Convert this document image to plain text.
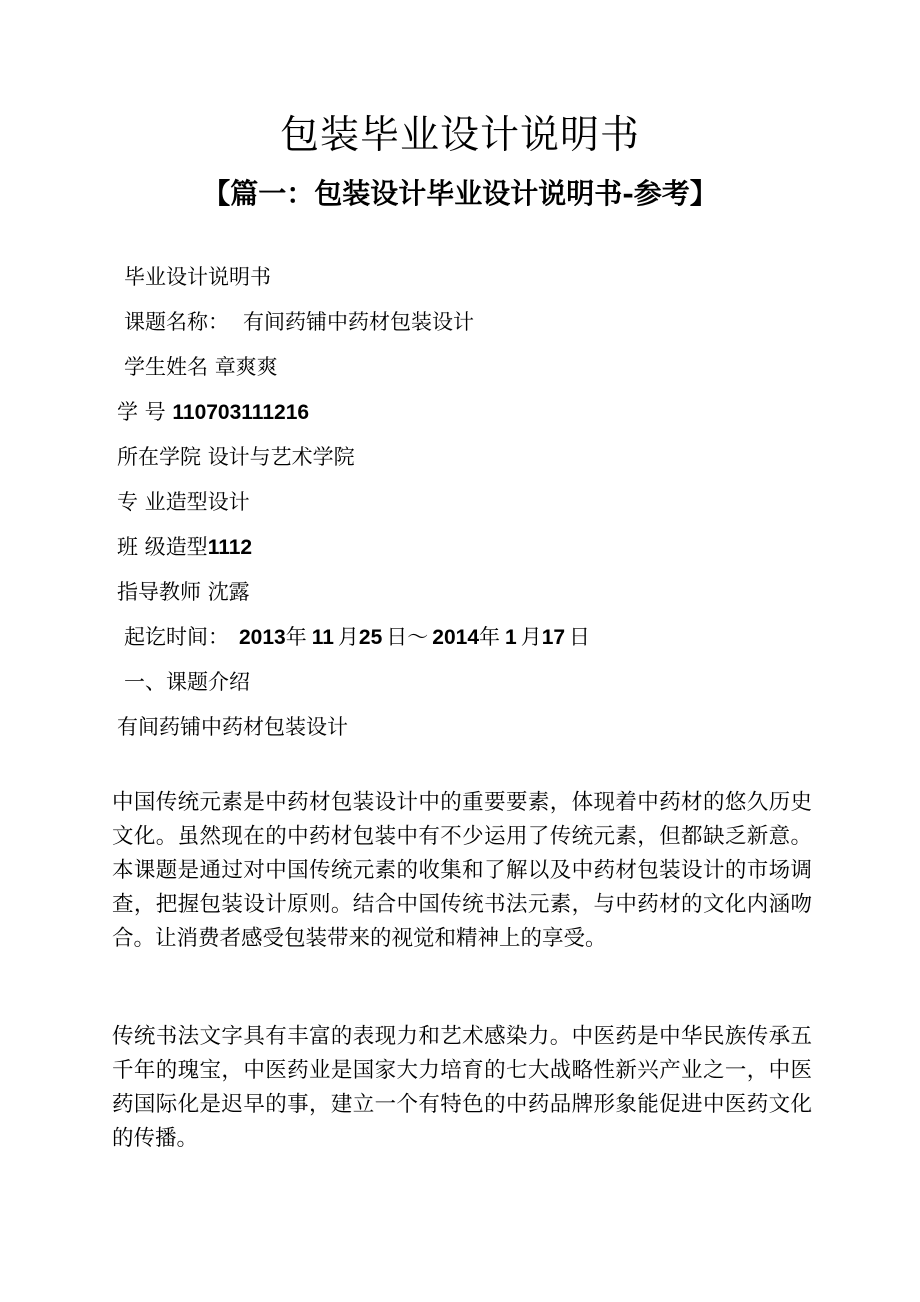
包装毕业设计说明书
【篇一：包装设计毕业设计说明书-参考】

毕业设计说明书

课题名称： 有间药铺中药材包装设计

学生姓名 章爽爽

学 号 110703111216

所在学院 设计与艺术学院

专 业造型设计

班 级造型1112

指导教师 沈露

起讫时间： 2013年 11 月25 日～ 2014年 1 月17 日

一、课题介绍

有间药铺中药材包装设计

中国传统元素是中药材包装设计中的重要要素，体现着中药材的悠久历史文化。虽然现在的中药材包装中有不少运用了传统元素，但都缺乏新意。本课题是通过对中国传统元素的收集和了解以及中药材包装设计的市场调查，把握包装设计原则。结合中国传统书法元素，与中药材的文化内涵吻合。让消费者感受包装带来的视觉和精神上的享受。

传统书法文字具有丰富的表现力和艺术感染力。中医药是中华民族传承五千年的瑰宝，中医药业是国家大力培育的七大战略性新兴产业之一，中医药国际化是迟早的事，建立一个有特色的中药品牌形象能促进中医药文化的传播。
